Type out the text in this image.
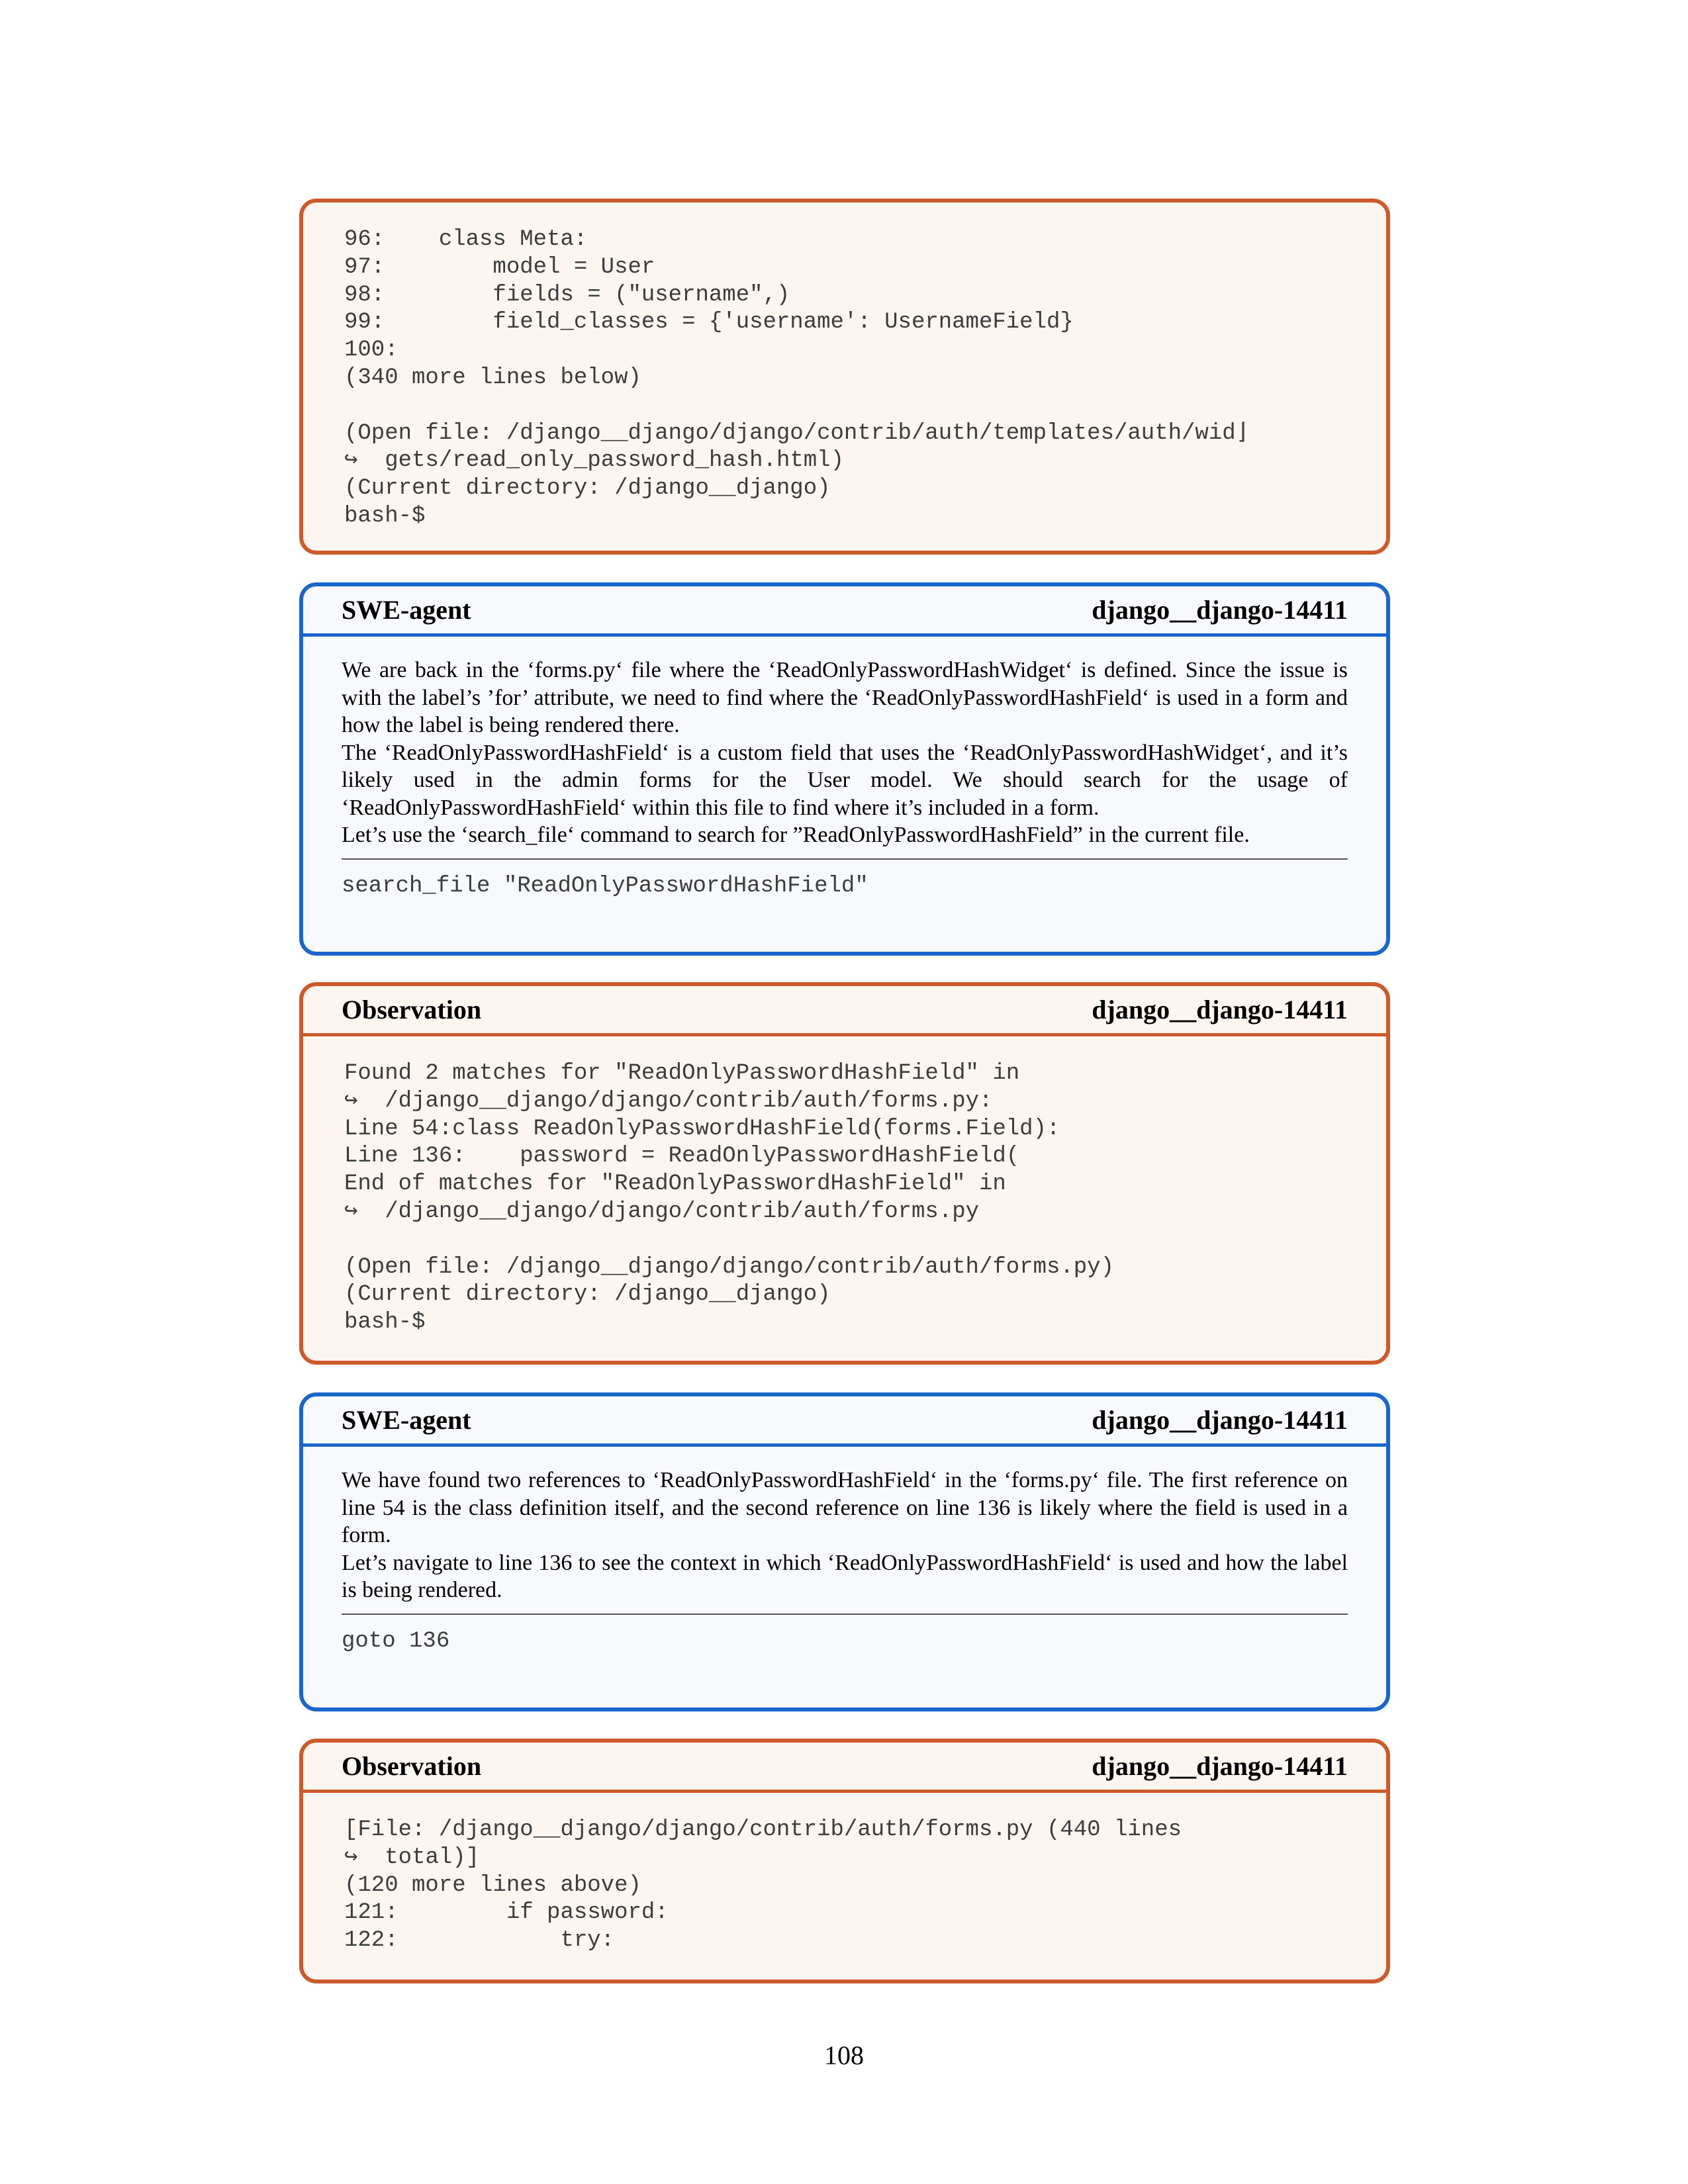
96:    class Meta:
97:        model = User
98:        fields = ("username",)
99:        field_classes = {'username': UsernameField}
100:
(340 more lines below)

(Open file: /django__django/django/contrib/auth/templates/auth/wid⌋
↪  gets/read_only_password_hash.html)
(Current directory: /django__django)
bash-$
SWE-agent	django__django-14411

We are back in the ‘forms.py‘ file where the ‘ReadOnlyPasswordHashWidget‘ is defined. Since the issue is with the label’s ’for’ attribute, we need to find where the ‘ReadOnlyPasswordHashField‘ is used in a form and how the label is being rendered there.

The ‘ReadOnlyPasswordHashField‘ is a custom field that uses the ‘ReadOnlyPasswordHashWidget‘, and it’s likely used in the admin forms for the User model. We should search for the usage of ‘ReadOnlyPasswordHashField‘ within this file to find where it’s included in a form.

Let’s use the ‘search_file‘ command to search for ”ReadOnlyPasswordHashField” in the current file.

search_file "ReadOnlyPasswordHashField"
Observation	django__django-14411
Found 2 matches for "ReadOnlyPasswordHashField" in
↪  /django__django/django/contrib/auth/forms.py:
Line 54:class ReadOnlyPasswordHashField(forms.Field):
Line 136:    password = ReadOnlyPasswordHashField(
End of matches for "ReadOnlyPasswordHashField" in
↪  /django__django/django/contrib/auth/forms.py

(Open file: /django__django/django/contrib/auth/forms.py)
(Current directory: /django__django)
bash-$
SWE-agent	django__django-14411

We have found two references to ‘ReadOnlyPasswordHashField‘ in the ‘forms.py‘ file. The first reference on line 54 is the class definition itself, and the second reference on line 136 is likely where the field is used in a form.

Let’s navigate to line 136 to see the context in which ‘ReadOnlyPasswordHashField‘ is used and how the label is being rendered.

goto 136
Observation	django__django-14411
[File: /django__django/django/contrib/auth/forms.py (440 lines
↪  total)]
(120 more lines above)
121:        if password:
122:            try:
108
